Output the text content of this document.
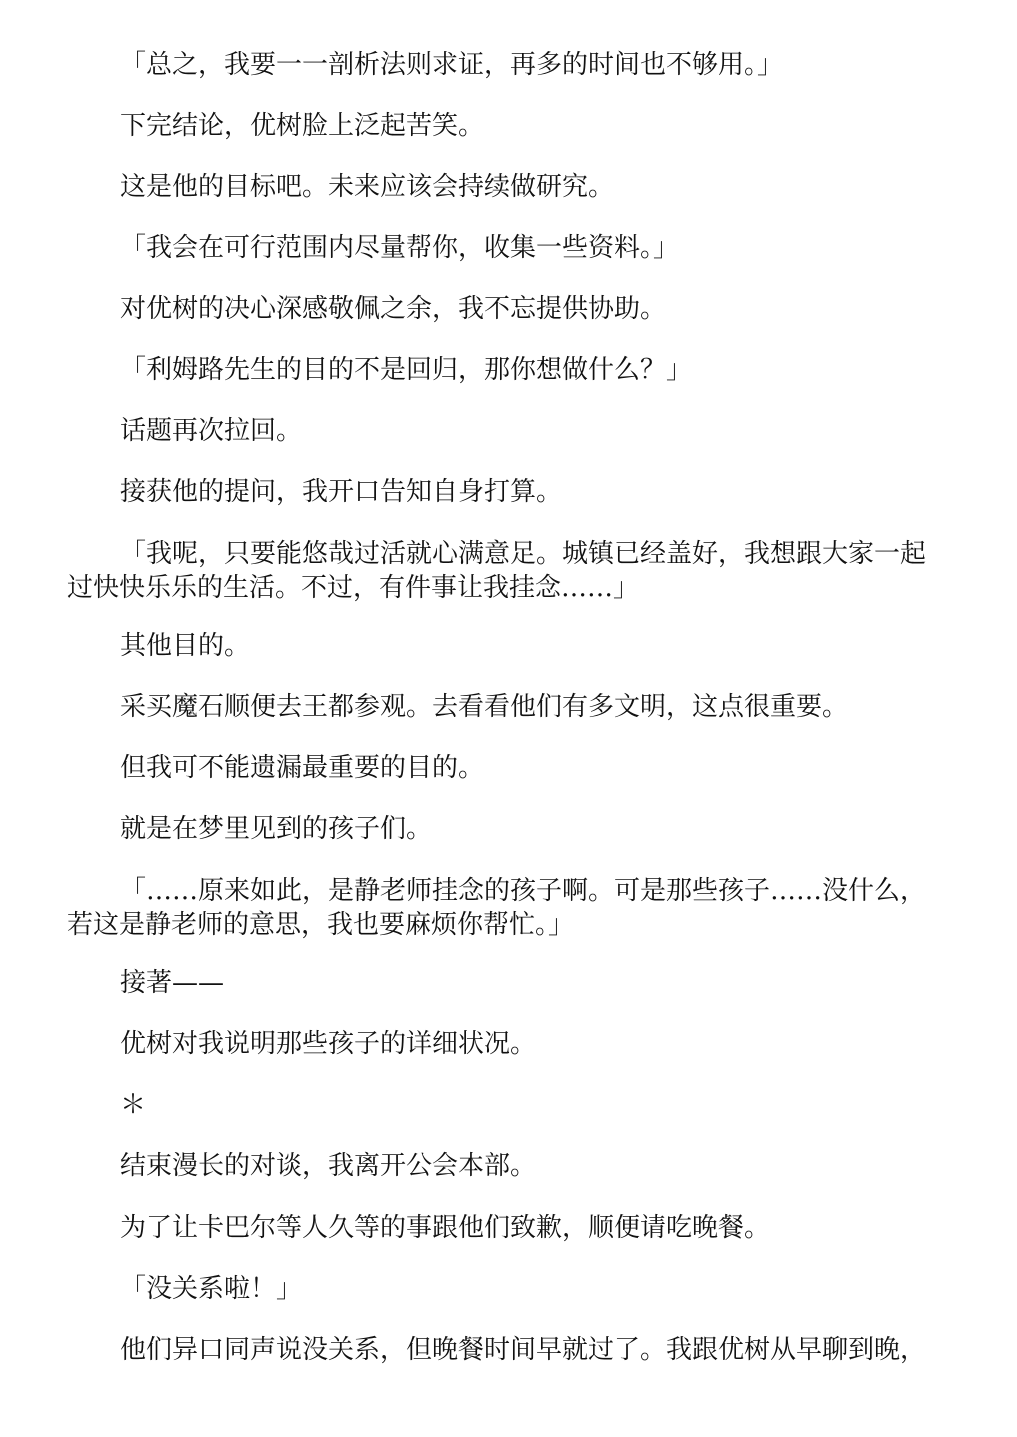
「总之，我要一一剖析法则求证，再多的时间也不够用。」

下完结论，优树脸上泛起苦笑。

这是他的目标吧。未来应该会持续做研究。

「我会在可行范围内尽量帮你，收集一些资料。」

对优树的决心深感敬佩之余，我不忘提供协助。

「利姆路先生的目的不是回归，那你想做什么？」

话题再次拉回。

接获他的提问，我开口告知自身打算。

「我呢，只要能悠哉过活就心满意足。城镇已经盖好，我想跟大家一起过快快乐乐的生活。不过，有件事让我挂念……」

其他目的。

采买魔石顺便去王都参观。去看看他们有多文明，这点很重要。

但我可不能遗漏最重要的目的。

就是在梦里见到的孩子们。

「……原来如此，是静老师挂念的孩子啊。可是那些孩子……没什么，若这是静老师的意思，我也要麻烦你帮忙。」

接著——

优树对我说明那些孩子的详细状况。

＊

结束漫长的对谈，我离开公会本部。

为了让卡巴尔等人久等的事跟他们致歉，顺便请吃晚餐。

「没关系啦！」

他们异口同声说没关系，但晚餐时间早就过了。我跟优树从早聊到晚，
